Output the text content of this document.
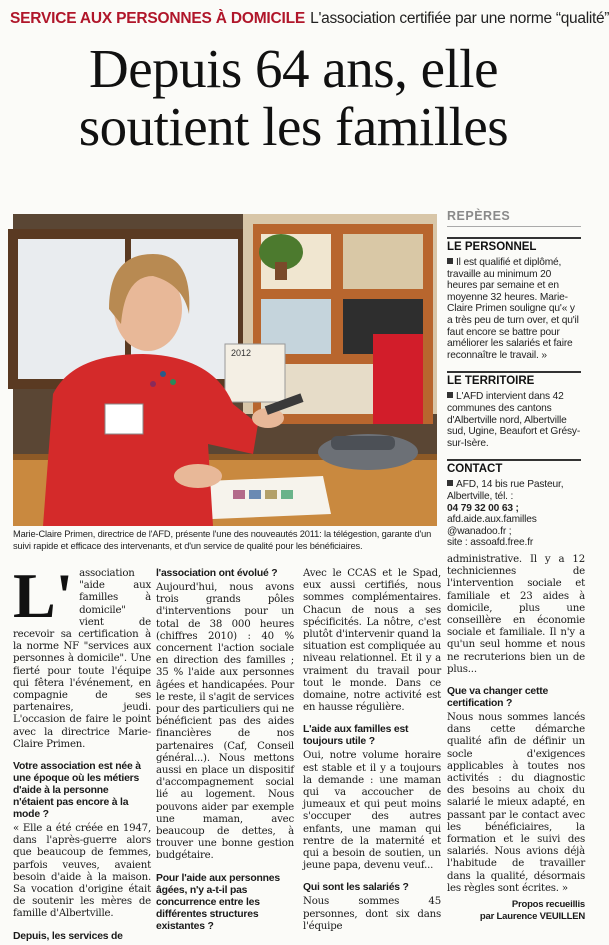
SERVICE AUX PERSONNES À DOMICILE L'association certifiée par une norme “qualité”
Depuis 64 ans, elle
soutient les familles
2012

Marie-Claire Primen, directrice de l'AFD, présente l'une des nouveautés 2011: la télégestion, garante d'un suivi rapide et efficace des intervenants, et d'un service de qualité pour les bénéficiaires.

REPÈRES
LE PERSONNEL
Il est qualifié et diplômé, travaille au minimum 20 heures par semaine et en moyenne 32 heures. Marie-Claire Primen souligne qu'« y a très peu de turn over, et qu'il faut encore se battre pour améliorer les salariés et faire reconnaître le travail. »
LE TERRITOIRE
L'AFD intervient dans 42 communes des cantons d'Albertville nord, Albertville sud, Ugine, Beaufort et Grésy-sur-Isère.
CONTACT
AFD, 14 bis rue Pasteur, Albertville, tél. :
04 79 32 00 63 ;
afd.aide.aux.familles
@wanadoo.fr ;
site : assoafd.free.fr

L' association "aide aux familles à domicile" vient de recevoir sa certification à la norme NF "services aux personnes à domicile". Une fierté pour toute l'équipe qui fêtera l'événement, en compagnie de ses partenaires, jeudi. L'occasion de faire le point avec la directrice Marie-Claire Primen.

Votre association est née à une époque où les métiers d'aide à la personne n'étaient pas encore à la mode ?

« Elle a été créée en 1947, dans l'après-guerre alors que beaucoup de femmes, parfois veuves, avaient besoin d'aide à la maison. Sa vocation d'origine était de soutenir les mères de famille d'Albertville.

Depuis, les services de
l'association ont évolué ?

Aujourd'hui, nous avons trois grands pôles d'interventions pour un total de 38 000 heures (chiffres 2010) : 40 % concernent l'action sociale en direction des familles ; 35 % l'aide aux personnes âgées et handicapées. Pour le reste, il s'agit de services pour des particuliers qui ne bénéficient pas des aides financières de nos partenaires (Caf, Conseil général...). Nous mettons aussi en place un dispositif d'accompagnement social lié au logement. Nous pouvons aider par exemple une maman, avec beaucoup de dettes, à trouver une bonne gestion budgétaire.

Pour l'aide aux personnes âgées, n'y a-t-il pas concurrence entre les différentes structures existantes ?

Avec le CCAS et le Spad, eux aussi certifiés, nous sommes complémentaires. Chacun de nous a ses spécificités. La nôtre, c'est plutôt d'intervenir quand la situation est compliquée au niveau relationnel. Et il y a vraiment du travail pour tout le monde. Dans ce domaine, notre activité est en hausse régulière.

L'aide aux familles est toujours utile ?

Oui, notre volume horaire est stable et il y a toujours la demande : une maman qui va accoucher de jumeaux et qui peut moins s'occuper des autres enfants, une maman qui rentre de la maternité et qui a besoin de soutien, un jeune papa, devenu veuf...

Qui sont les salariés ?

Nous sommes 45 personnes, dont six dans l'équipe

administrative. Il y a 12 techniciennes de l'intervention sociale et familiale et 23 aides à domicile, plus une conseillère en économie sociale et familiale. Il n'y a qu'un seul homme et nous ne recruterions bien un de plus...

Que va changer cette certification ?

Nous nous sommes lancés dans cette démarche qualité afin de définir un socle d'exigences applicables à toutes nos activités : du diagnostic des besoins au choix du salarié le mieux adapté, en passant par le contact avec les bénéficiaires, la formation et le suivi des salariés. Nous avions déjà l'habitude de travailler dans la qualité, désormais les règles sont écrites. »

Propos recueillis
par Laurence VEUILLEN
